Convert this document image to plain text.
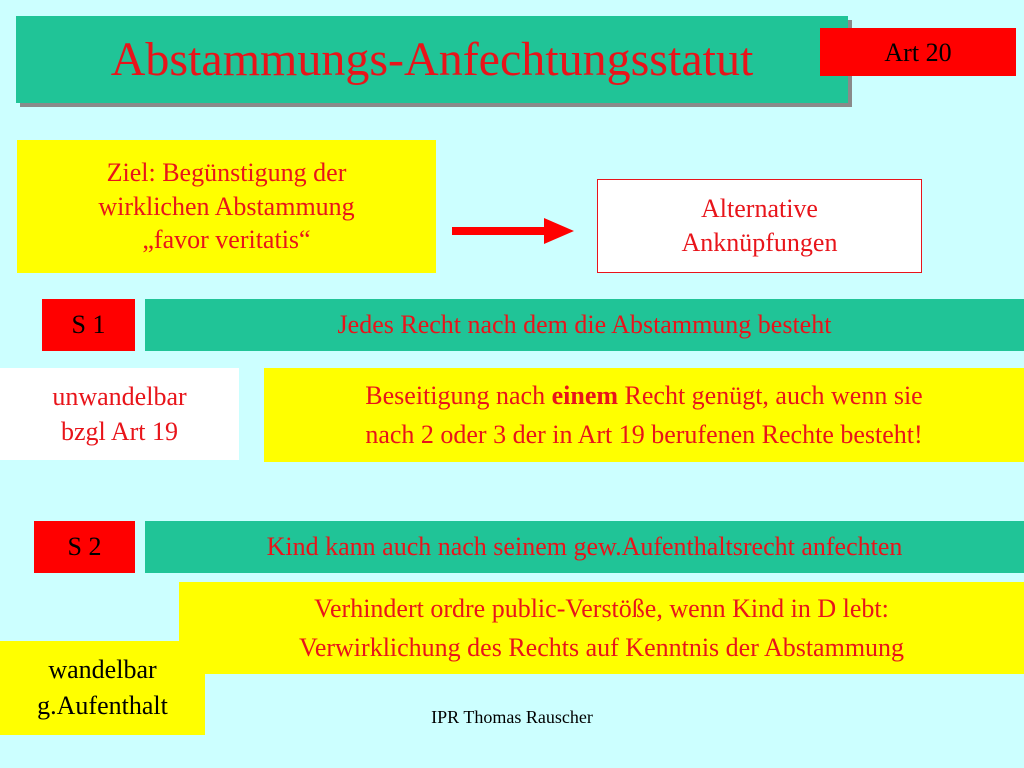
Abstammungs-Anfechtungsstatut	Art 20
Ziel: Begünstigung der
wirklichen Abstammung
„favor veritatis“
Alternative
Anknüpfungen
S 1	Jedes Recht nach dem die Abstammung besteht
unwandelbar
bzgl Art 19
Beseitigung nach einem Recht genügt, auch wenn sie
nach 2 oder 3 der in Art 19 berufenen Rechte besteht!
S 2	Kind kann auch nach seinem gew.Aufenthaltsrecht anfechten
Verhindert ordre public-Verstöße, wenn Kind in D lebt:
Verwirklichung des Rechts auf Kenntnis der Abstammung
wandelbar
g.Aufenthalt	IPR Thomas Rauscher
